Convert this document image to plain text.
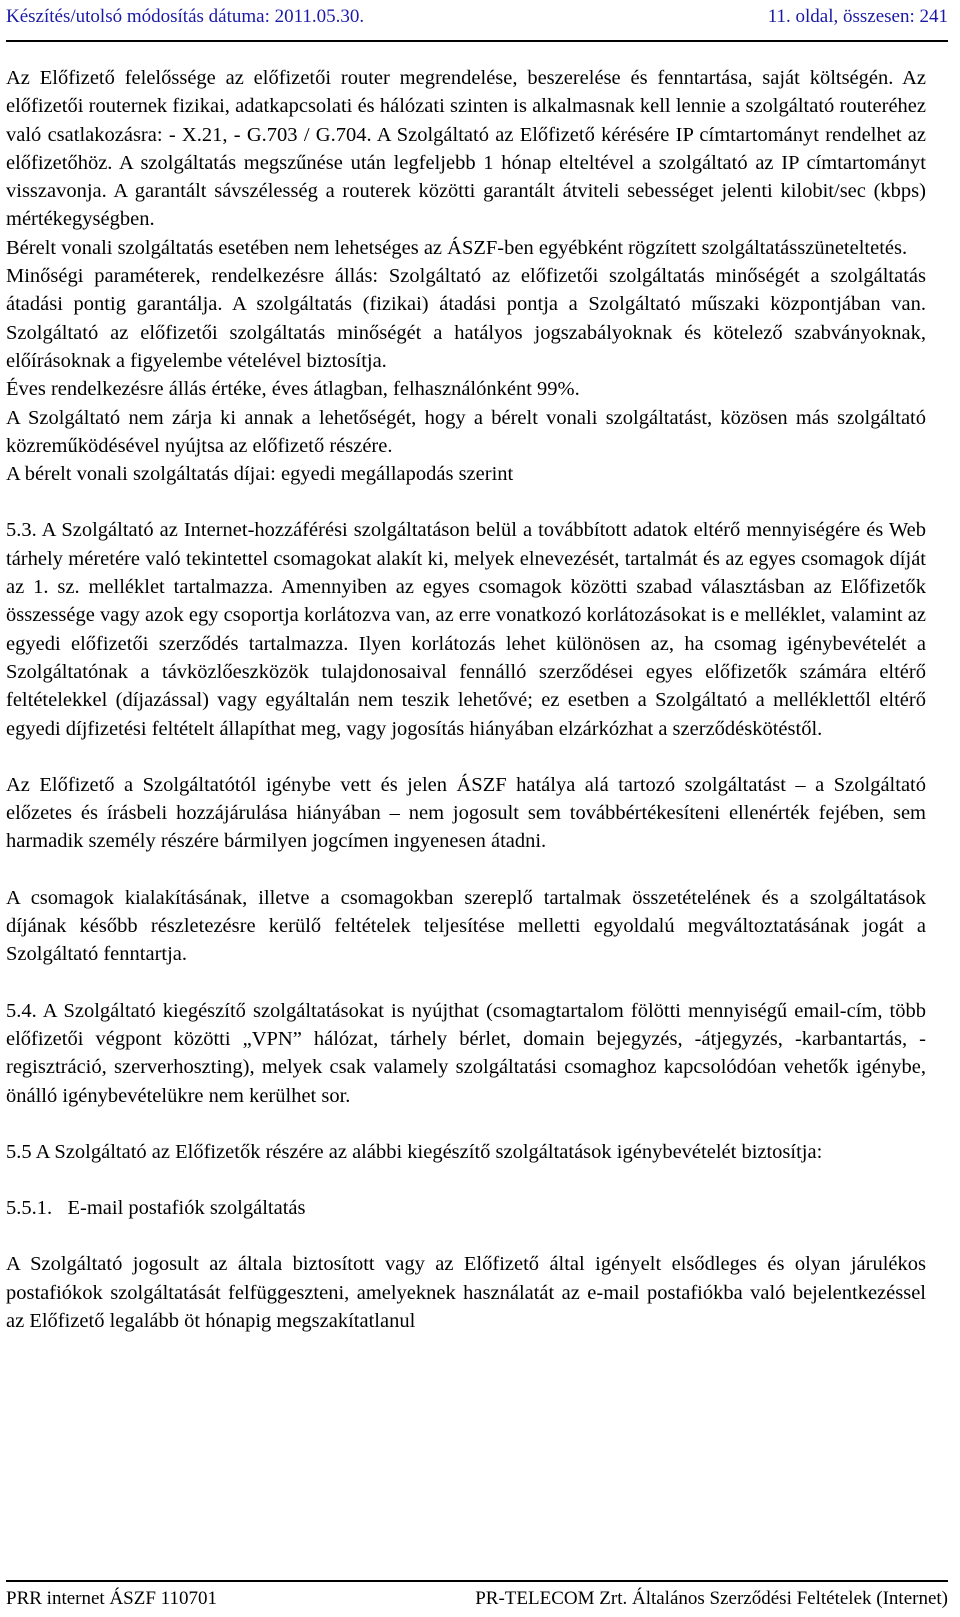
Készítés/utolsó módosítás dátuma: 2011.05.30.	11. oldal, összesen: 241

Az Előfizető felelőssége az előfizetői router megrendelése, beszerelése és fenntartása, saját költségén. Az előfizetői routernek fizikai, adatkapcsolati és hálózati szinten is alkalmasnak kell lennie a szolgáltató routeréhez való csatlakozásra: - X.21, - G.703 / G.704. A Szolgáltató az Előfizető kérésére IP címtartományt rendelhet az előfizetőhöz. A szolgáltatás megszűnése után legfeljebb 1 hónap elteltével a szolgáltató az IP címtartományt visszavonja. A garantált sávszélesség a routerek közötti garantált átviteli sebességet jelenti kilobit/sec (kbps) mértékegységben.

Bérelt vonali szolgáltatás esetében nem lehetséges az ÁSZF-ben egyébként rögzített szolgáltatásszüneteltetés.

Minőségi paraméterek, rendelkezésre állás: Szolgáltató az előfizetői szolgáltatás minőségét a szolgáltatás átadási pontig garantálja. A szolgáltatás (fizikai) átadási pontja a Szolgáltató műszaki központjában van. Szolgáltató az előfizetői szolgáltatás minőségét a hatályos jogszabályoknak és kötelező szabványoknak, előírásoknak a figyelembe vételével biztosítja.

Éves rendelkezésre állás értéke, éves átlagban, felhasználónként 99%.

A Szolgáltató nem zárja ki annak a lehetőségét, hogy a bérelt vonali szolgáltatást, közösen más szolgáltató közreműködésével nyújtsa az előfizető részére.

A bérelt vonali szolgáltatás díjai: egyedi megállapodás szerint

5.3. A Szolgáltató az Internet-hozzáférési szolgáltatáson belül a továbbított adatok eltérő mennyiségére és Web tárhely méretére való tekintettel csomagokat alakít ki, melyek elnevezését, tartalmát és az egyes csomagok díját az 1. sz. melléklet tartalmazza. Amennyiben az egyes csomagok közötti szabad választásban az Előfizetők összessége vagy azok egy csoportja korlátozva van, az erre vonatkozó korlátozásokat is e melléklet, valamint az egyedi előfizetői szerződés tartalmazza. Ilyen korlátozás lehet különösen az, ha csomag igénybevételét a Szolgáltatónak a távközlőeszközök tulajdonosaival fennálló szerződései egyes előfizetők számára eltérő feltételekkel (díjazással) vagy egyáltalán nem teszik lehetővé; ez esetben a Szolgáltató a melléklettől eltérő egyedi díjfizetési feltételt állapíthat meg, vagy jogosítás hiányában elzárkózhat a szerződéskötéstől.

Az Előfizető a Szolgáltatótól igénybe vett és jelen ÁSZF hatálya alá tartozó szolgáltatást – a Szolgáltató előzetes és írásbeli hozzájárulása hiányában – nem jogosult sem továbbértékesíteni ellenérték fejében, sem harmadik személy részére bármilyen jogcímen ingyenesen átadni.

A csomagok kialakításának, illetve a csomagokban szereplő tartalmak összetételének és a szolgáltatások díjának később részletezésre kerülő feltételek teljesítése melletti egyoldalú megváltoztatásának jogát a Szolgáltató fenntartja.

5.4. A Szolgáltató kiegészítő szolgáltatásokat is nyújthat (csomagtartalom fölötti mennyiségű email-cím, több előfizetői végpont közötti „VPN” hálózat, tárhely bérlet, domain bejegyzés, -átjegyzés, -karbantartás, -regisztráció, szerverhoszting), melyek csak valamely szolgáltatási csomaghoz kapcsolódóan vehetők igénybe, önálló igénybevételükre nem kerülhet sor.

5.5 A Szolgáltató az Előfizetők részére az alábbi kiegészítő szolgáltatások igénybevételét biztosítja:

5.5.1.   E-mail postafiók szolgáltatás

A Szolgáltató jogosult az általa biztosított vagy az Előfizető által igényelt elsődleges és olyan járulékos postafiókok szolgáltatását felfüggeszteni, amelyeknek használatát az e-mail postafiókba való bejelentkezéssel az Előfizető legalább öt hónapig megszakítatlanul

PRR internet ÁSZF 110701	PR-TELECOM Zrt. Általános Szerződési Feltételek (Internet)
